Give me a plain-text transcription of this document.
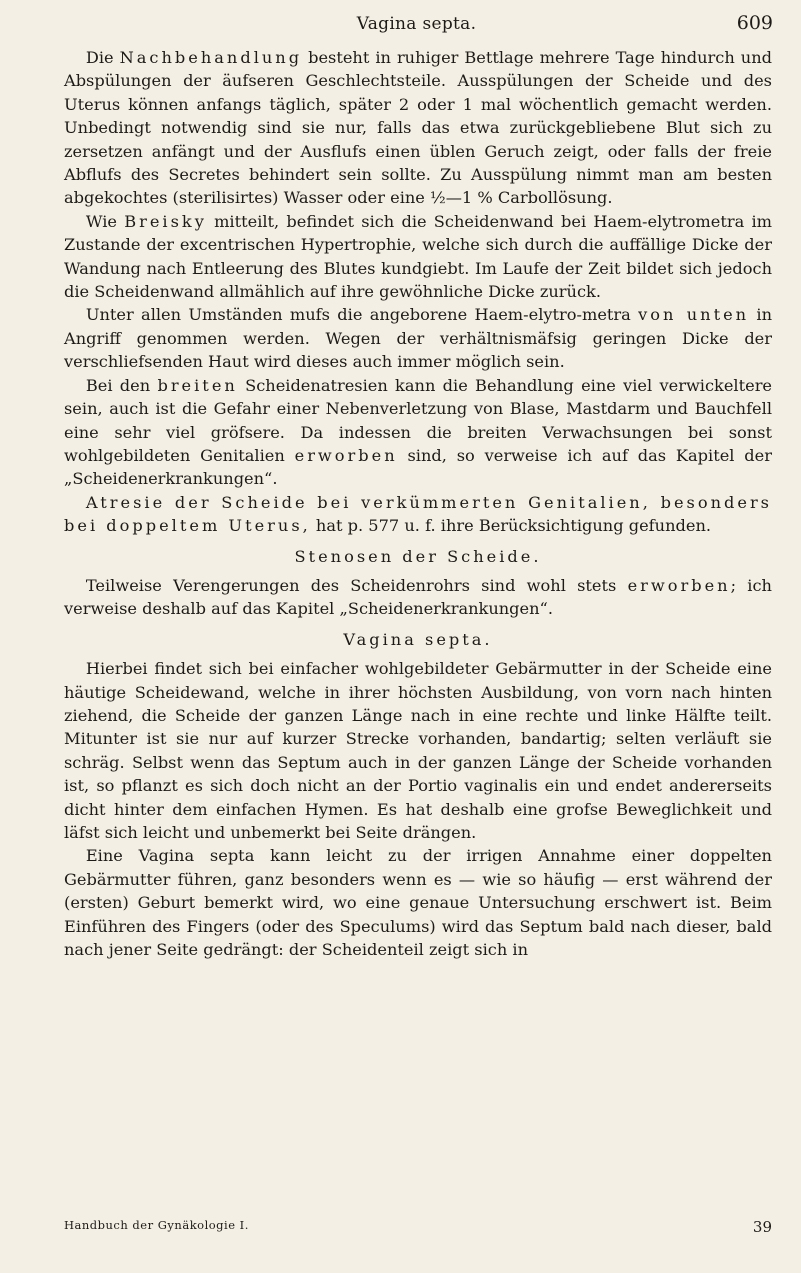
Vagina septa.	609

Die Nachbehandlung besteht in ruhiger Bettlage mehrere Tage hindurch und Abspülungen der äufseren Geschlechtsteile. Ausspülungen der Scheide und des Uterus können anfangs täglich, später 2 oder 1 mal wöchentlich gemacht werden. Unbedingt notwendig sind sie nur, falls das etwa zurückgebliebene Blut sich zu zersetzen anfängt und der Ausflufs einen üblen Geruch zeigt, oder falls der freie Abflufs des Secretes behindert sein sollte. Zu Ausspülung nimmt man am besten abgekochtes (sterilisirtes) Wasser oder eine ½—1 % Carbollösung.

Wie Breisky mitteilt, befindet sich die Scheidenwand bei Haem-elytrometra im Zustande der excentrischen Hypertrophie, welche sich durch die auffällige Dicke der Wandung nach Entleerung des Blutes kundgiebt. Im Laufe der Zeit bildet sich jedoch die Scheidenwand allmählich auf ihre gewöhnliche Dicke zurück.

Unter allen Umständen mufs die angeborene Haem-elytro-metra von unten in Angriff genommen werden. Wegen der verhältnismäfsig geringen Dicke der verschliefsenden Haut wird dieses auch immer möglich sein.

Bei den breiten Scheidenatresien kann die Behandlung eine viel verwickeltere sein, auch ist die Gefahr einer Nebenverletzung von Blase, Mastdarm und Bauchfell eine sehr viel gröfsere. Da indessen die breiten Verwachsungen bei sonst wohlgebildeten Genitalien erworben sind, so verweise ich auf das Kapitel der „Scheidenerkrankungen“.

Atresie der Scheide bei verkümmerten Genitalien, besonders bei doppeltem Uterus, hat p. 577 u. f. ihre Berücksichtigung gefunden.

Stenosen der Scheide.

Teilweise Verengerungen des Scheidenrohrs sind wohl stets erworben; ich verweise deshalb auf das Kapitel „Scheidenerkrankungen“.

Vagina septa.

Hierbei findet sich bei einfacher wohlgebildeter Gebärmutter in der Scheide eine häutige Scheidewand, welche in ihrer höchsten Ausbildung, von vorn nach hinten ziehend, die Scheide der ganzen Länge nach in eine rechte und linke Hälfte teilt. Mitunter ist sie nur auf kurzer Strecke vorhanden, bandartig; selten verläuft sie schräg. Selbst wenn das Septum auch in der ganzen Länge der Scheide vorhanden ist, so pflanzt es sich doch nicht an der Portio vaginalis ein und endet andererseits dicht hinter dem einfachen Hymen. Es hat deshalb eine grofse Beweglichkeit und läfst sich leicht und unbemerkt bei Seite drängen.

Eine Vagina septa kann leicht zu der irrigen Annahme einer doppelten Gebärmutter führen, ganz besonders wenn es — wie so häufig — erst während der (ersten) Geburt bemerkt wird, wo eine genaue Untersuchung erschwert ist. Beim Einführen des Fingers (oder des Speculums) wird das Septum bald nach dieser, bald nach jener Seite gedrängt: der Scheidenteil zeigt sich in

Handbuch der Gynäkologie I.	39
